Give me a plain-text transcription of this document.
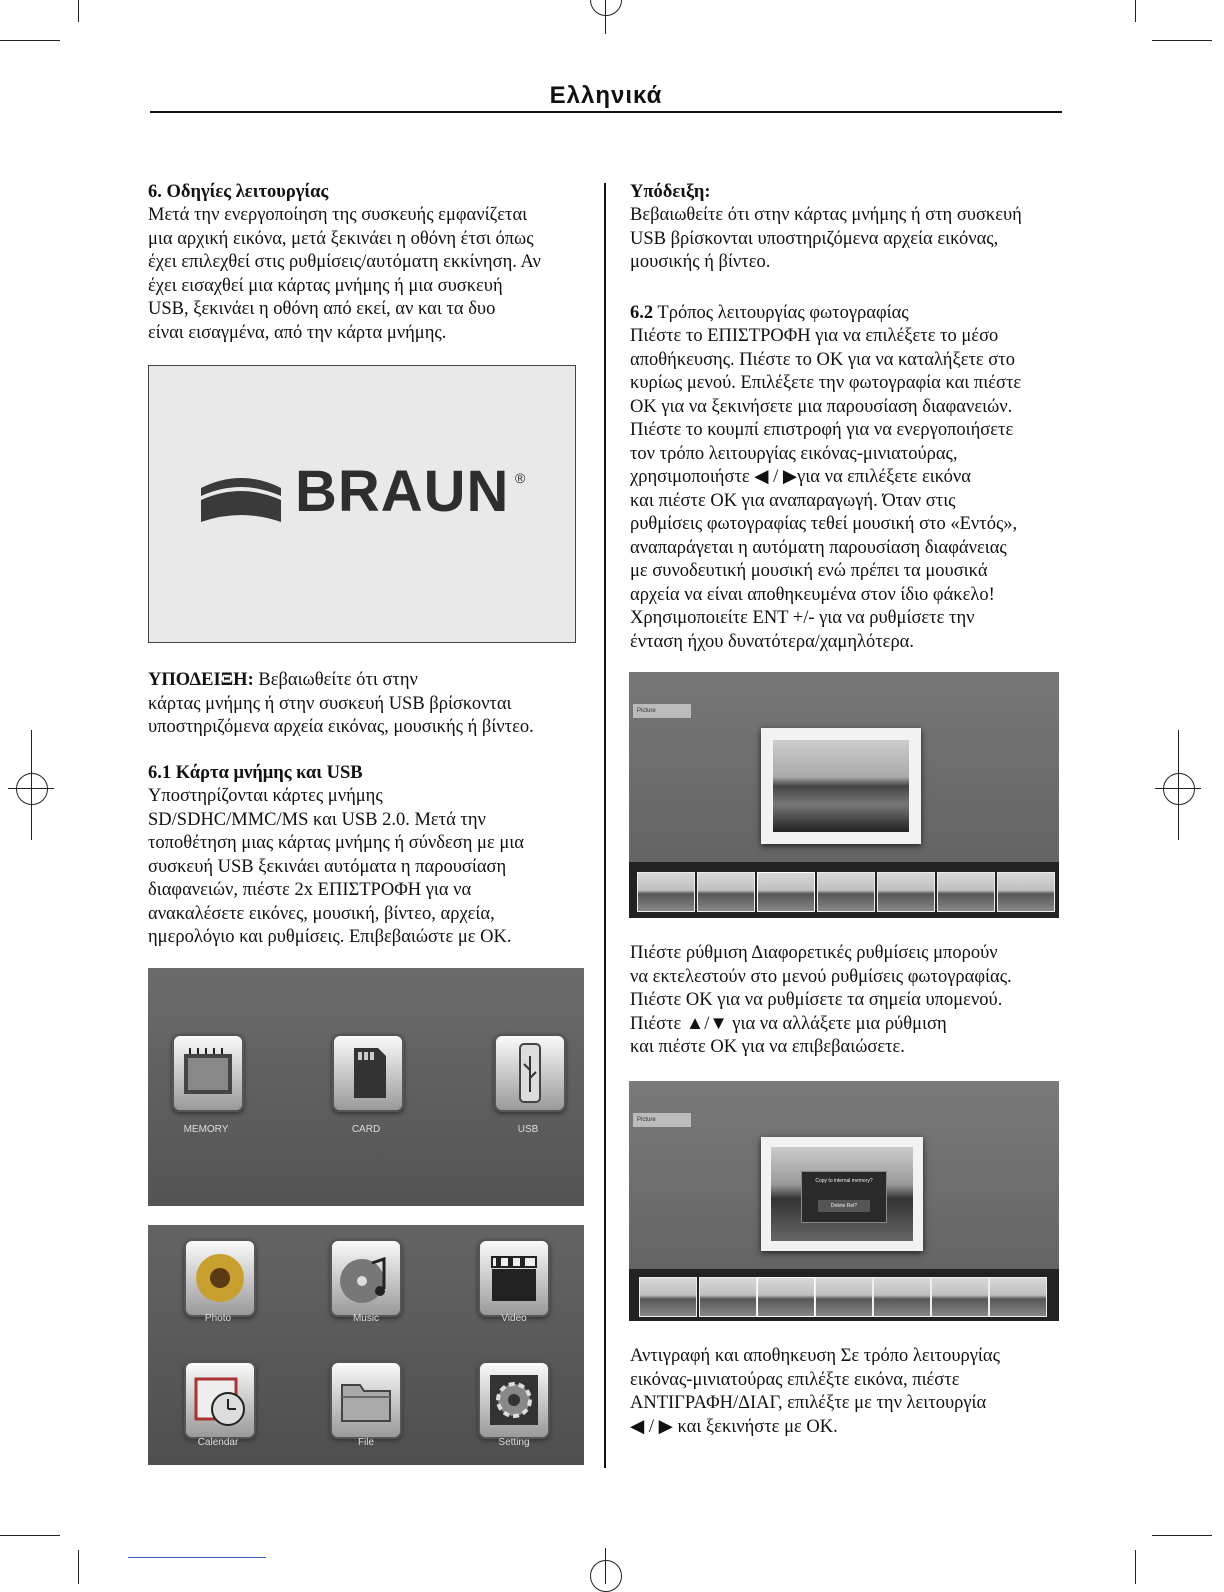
Ελληνικά
6. Οδηγίες λειτουργίας
Μετά την ενεργοποίηση της συσκευής εμφανίζεται
μια αρχική εικόνα, μετά ξεκινάει η οθόνη έτσι όπως
έχει επιλεχθεί στις ρυθμίσεις/αυτόματη εκκίνηση. Αν
έχει εισαχθεί μια κάρτας μνήμης ή μια συσκευή
USB, ξεκινάει η οθόνη από εκεί, αν και τα δυο
είναι εισαγμένα, από την κάρτα μνήμης.
BRAUN ®
ΥΠΟΔΕΙΞΗ: Βεβαιωθείτε ότι στην
κάρτας μνήμης ή στην συσκευή USB βρίσκονται
υποστηριζόμενα αρχεία εικόνας, μουσικής ή βίντεο.
6.1 Κάρτα μνήμης και USB
Υποστηρίζονται κάρτες μνήμης
SD/SDHC/MMC/MS και USB 2.0. Μετά την
τοποθέτηση μιας κάρτας μνήμης ή σύνδεση με μια
συσκευή USB ξεκινάει αυτόματα η παρουσίαση
διαφανειών, πιέστε 2x ΕΠΙΣΤΡΟΦΗ για να
ανακαλέσετε εικόνες, μουσική, βίντεο, αρχεία,
ημερολόγιο και ρυθμίσεις. Επιβεβαιώστε με OK.
MEMORY	CARD	USB
Photo	Music	Video
Calendar	File	Setting
Υπόδειξη:
Βεβαιωθείτε ότι στην κάρτας μνήμης ή στη συσκευή
USB βρίσκονται υποστηριζόμενα αρχεία εικόνας,
μουσικής ή βίντεο.
6.2 Τρόπος λειτουργίας φωτογραφίας
Πιέστε το ΕΠΙΣΤΡΟΦΗ για να επιλέξετε το μέσο
αποθήκευσης. Πιέστε το OK για να καταλήξετε στο
κυρίως μενού. Επιλέξετε την φωτογραφία και πιέστε
OK για να ξεκινήσετε μια παρουσίαση διαφανειών.
Πιέστε το κουμπί επιστροφή για να ενεργοποιήσετε
τον τρόπο λειτουργίας εικόνας-μινιατούρας,
χρησιμοποιήστε ◀ / ▶για να επιλέξετε εικόνα
και πιέστε OK για αναπαραγωγή. Όταν στις
ρυθμίσεις φωτογραφίας τεθεί μουσική στο «Εντός»,
αναπαράγεται η αυτόματη παρουσίαση διαφάνειας
με συνοδευτική μουσική ενώ πρέπει τα μουσικά
αρχεία να είναι αποθηκευμένα στον ίδιο φάκελο!
Χρησιμοποιείτε ΕΝΤ +/- για να ρυθμίσετε την
ένταση ήχου δυνατότερα/χαμηλότερα.
Picture
Πιέστε ρύθμιση Διαφορετικές ρυθμίσεις μπορούν
να εκτελεστούν στο μενού ρυθμίσεις φωτογραφίας.
Πιέστε OK για να ρυθμίσετε τα σημεία υπομενού.
Πιέστε ▲/▼ για να αλλάξετε μια ρύθμιση
και πιέστε OK για να επιβεβαιώσετε.
Picture
Copy to internal memory?
Delete Rel?
Αντιγραφή και αποθηκευση Σε τρόπο λειτουργίας
εικόνας-μινιατούρας επιλέξτε εικόνα, πιέστε
ΑΝΤΙΓΡΑΦΗ/ΔΙΑΓ, επιλέξτε με την λειτουργία
◀ / ▶ και ξεκινήστε με OK.
